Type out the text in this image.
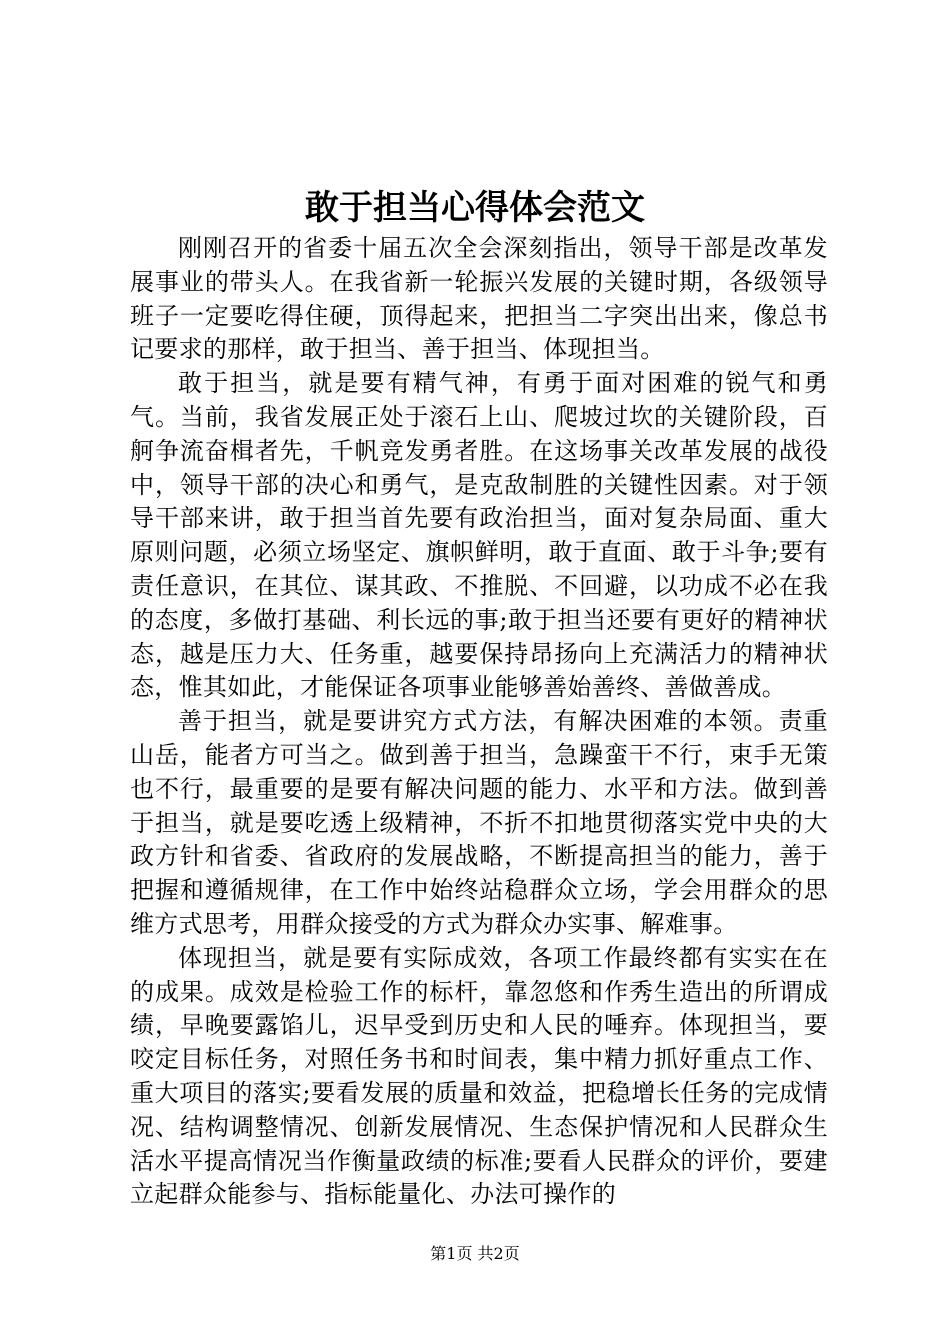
敢于担当心得体会范文

刚刚召开的省委十届五次全会深刻指出，领导干部是改革发展事业的带头人。在我省新一轮振兴发展的关键时期，各级领导班子一定要吃得住硬，顶得起来，把担当二字突出出来，像总书记要求的那样，敢于担当、善于担当、体现担当。

敢于担当，就是要有精气神，有勇于面对困难的锐气和勇气。当前，我省发展正处于滚石上山、爬坡过坎的关键阶段，百舸争流奋楫者先，千帆竞发勇者胜。在这场事关改革发展的战役中，领导干部的决心和勇气，是克敌制胜的关键性因素。对于领导干部来讲，敢于担当首先要有政治担当，面对复杂局面、重大原则问题，必须立场坚定、旗帜鲜明，敢于直面、敢于斗争;要有责任意识，在其位、谋其政、不推脱、不回避，以功成不必在我的态度，多做打基础、利长远的事;敢于担当还要有更好的精神状态，越是压力大、任务重，越要保持昂扬向上充满活力的精神状态，惟其如此，才能保证各项事业能够善始善终、善做善成。

善于担当，就是要讲究方式方法，有解决困难的本领。责重山岳，能者方可当之。做到善于担当，急躁蛮干不行，束手无策也不行，最重要的是要有解决问题的能力、水平和方法。做到善于担当，就是要吃透上级精神，不折不扣地贯彻落实党中央的大政方针和省委、省政府的发展战略，不断提高担当的能力，善于把握和遵循规律，在工作中始终站稳群众立场，学会用群众的思维方式思考，用群众接受的方式为群众办实事、解难事。

体现担当，就是要有实际成效，各项工作最终都有实实在在的成果。成效是检验工作的标杆，靠忽悠和作秀生造出的所谓成绩，早晚要露馅儿，迟早受到历史和人民的唾弃。体现担当，要咬定目标任务，对照任务书和时间表，集中精力抓好重点工作、重大项目的落实;要看发展的质量和效益，把稳增长任务的完成情况、结构调整情况、创新发展情况、生态保护情况和人民群众生活水平提高情况当作衡量政绩的标准;要看人民群众的评价，要建立起群众能参与、指标能量化、办法可操作的

第1页 共2页
